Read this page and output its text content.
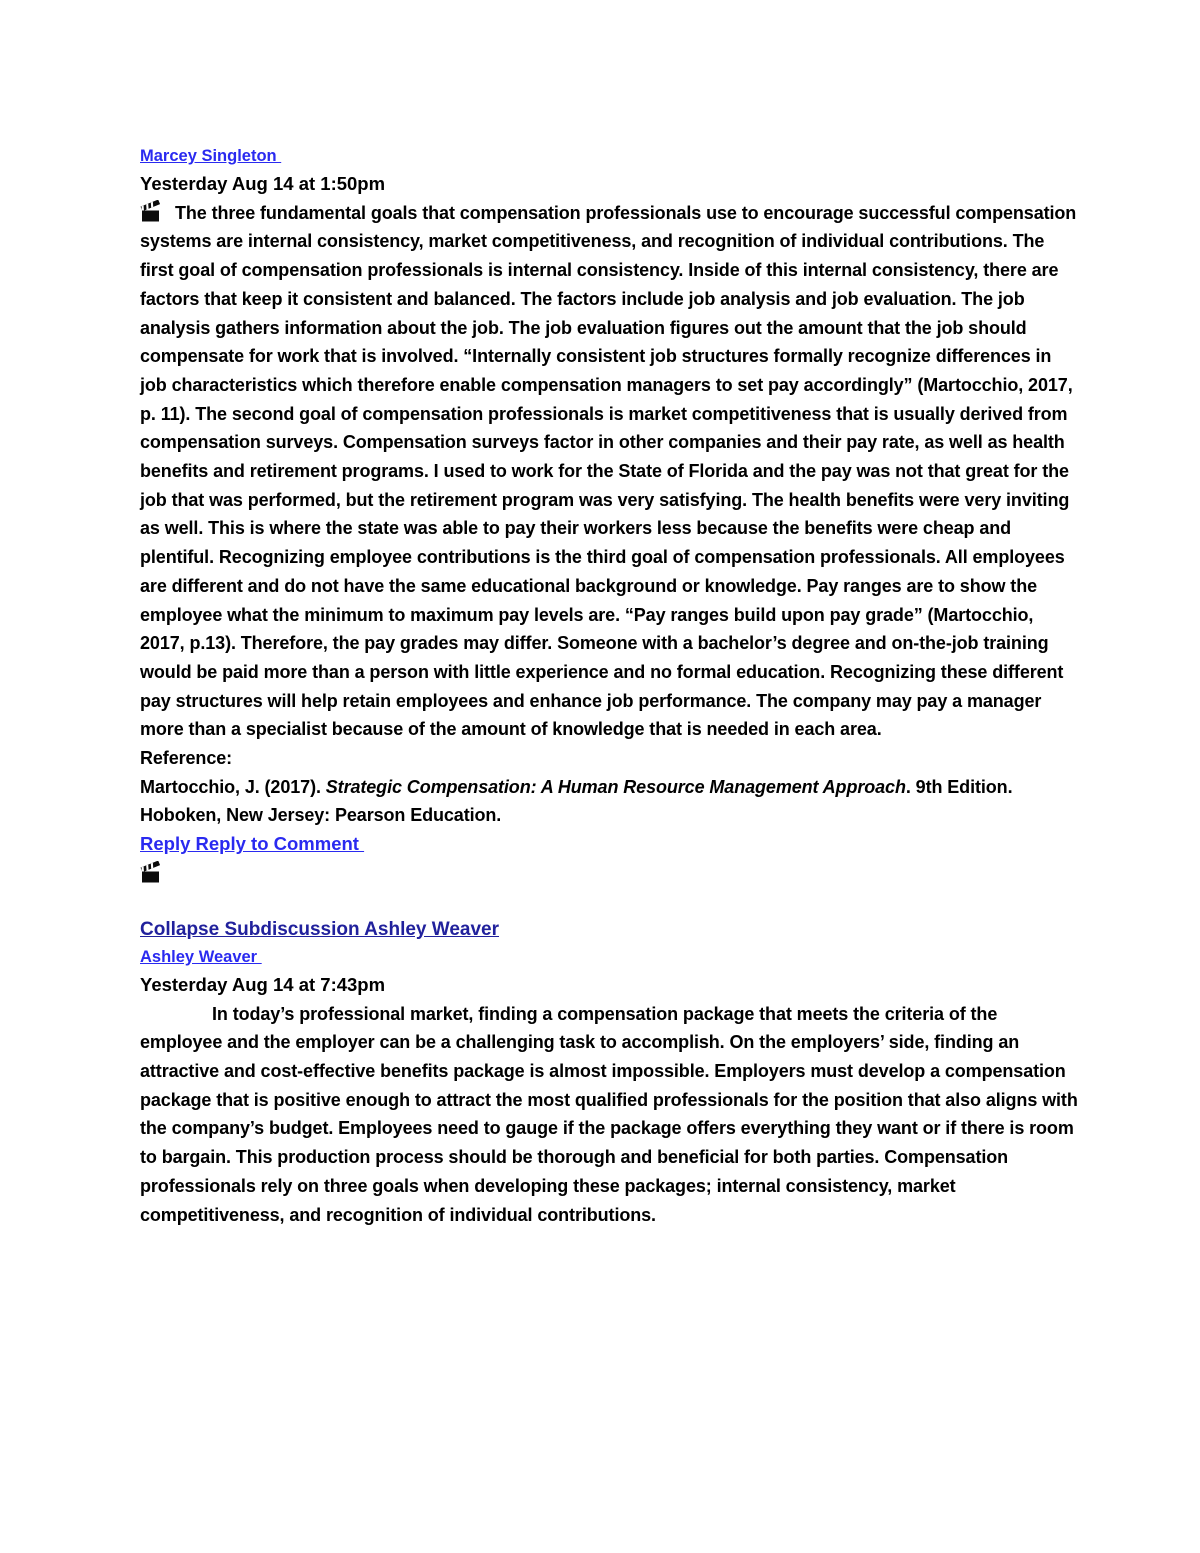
Marcey Singleton
Yesterday Aug 14 at 1:50pm
The three fundamental goals that compensation professionals use to encourage successful compensation systems are internal consistency, market competitiveness, and recognition of individual contributions. The first goal of compensation professionals is internal consistency. Inside of this internal consistency, there are factors that keep it consistent and balanced. The factors include job analysis and job evaluation. The job analysis gathers information about the job. The job evaluation figures out the amount that the job should compensate for work that is involved. “Internally consistent job structures formally recognize differences in job characteristics which therefore enable compensation managers to set pay accordingly” (Martocchio, 2017, p. 11). The second goal of compensation professionals is market competitiveness that is usually derived from compensation surveys. Compensation surveys factor in other companies and their pay rate, as well as health benefits and retirement programs. I used to work for the State of Florida and the pay was not that great for the job that was performed, but the retirement program was very satisfying. The health benefits were very inviting as well. This is where the state was able to pay their workers less because the benefits were cheap and plentiful. Recognizing employee contributions is the third goal of compensation professionals. All employees are different and do not have the same educational background or knowledge. Pay ranges are to show the employee what the minimum to maximum pay levels are. “Pay ranges build upon pay grade” (Martocchio, 2017, p.13). Therefore, the pay grades may differ. Someone with a bachelor’s degree and on-the-job training would be paid more than a person with little experience and no formal education. Recognizing these different pay structures will help retain employees and enhance job performance. The company may pay a manager more than a specialist because of the amount of knowledge that is needed in each area.
Reference:
Martocchio, J. (2017). Strategic Compensation: A Human Resource Management Approach. 9th Edition. Hoboken, New Jersey: Pearson Education.
Reply Reply to Comment
Collapse Subdiscussion Ashley Weaver
Ashley Weaver
Yesterday Aug 14 at 7:43pm
In today’s professional market, finding a compensation package that meets the criteria of the employee and the employer can be a challenging task to accomplish. On the employers’ side, finding an attractive and cost-effective benefits package is almost impossible. Employers must develop a compensation package that is positive enough to attract the most qualified professionals for the position that also aligns with the company’s budget. Employees need to gauge if the package offers everything they want or if there is room to bargain. This production process should be thorough and beneficial for both parties. Compensation professionals rely on three goals when developing these packages; internal consistency, market competitiveness, and recognition of individual contributions.
